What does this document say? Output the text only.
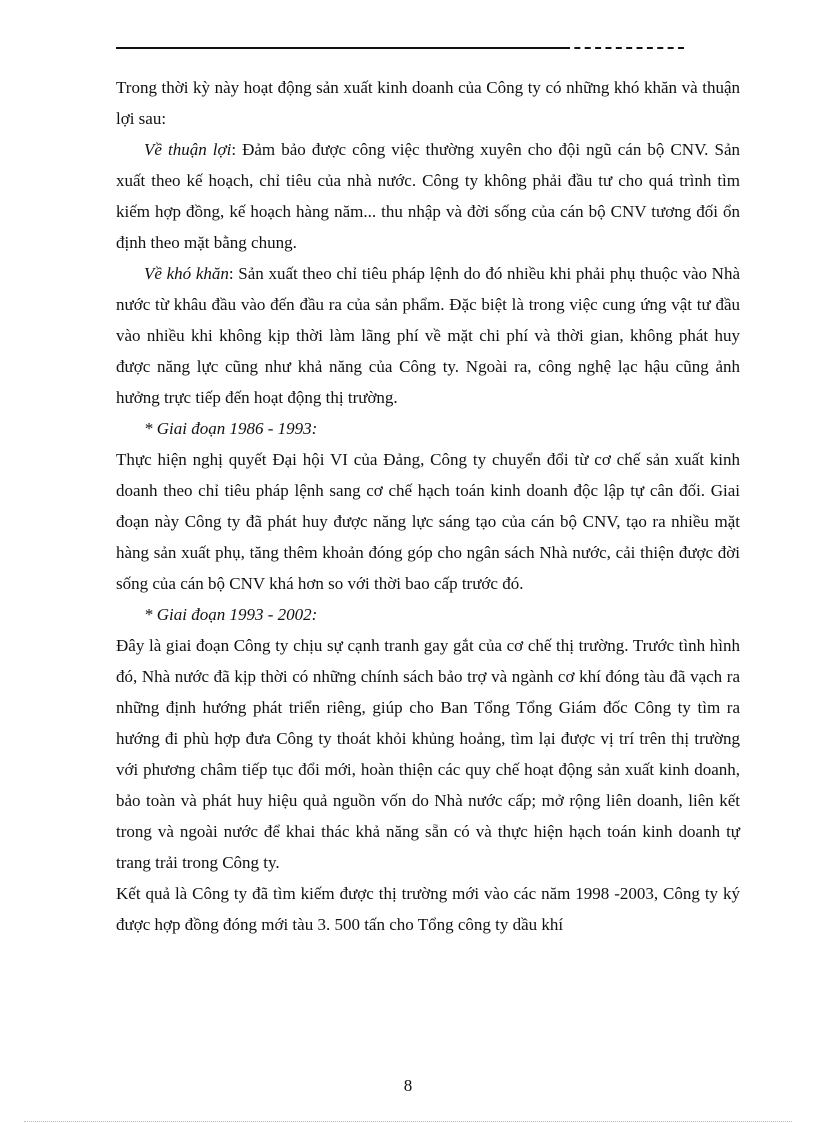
Trong thời kỳ này hoạt động sản xuất kinh doanh của Công ty có những khó khăn và thuận lợi sau:

Về thuận lợi: Đảm bảo được công việc thường xuyên cho đội ngũ cán bộ CNV. Sản xuất theo kế hoạch, chỉ tiêu của nhà nước. Công ty không phải đầu tư cho quá trình tìm kiếm hợp đồng, kế hoạch hàng năm... thu nhập và đời sống của cán bộ CNV tương đối ổn định theo mặt bằng chung.

Về khó khăn: Sản xuất theo chỉ tiêu pháp lệnh do đó nhiều khi phải phụ thuộc vào Nhà nước từ khâu đầu vào đến đầu ra của sản phẩm. Đặc biệt là trong việc cung ứng vật tư đầu vào nhiều khi không kịp thời làm lãng phí về mặt chi phí và thời gian, không phát huy được năng lực cũng như khả năng của Công ty. Ngoài ra, công nghệ lạc hậu cũng ảnh hưởng trực tiếp đến hoạt động thị trường.

* Giai đoạn 1986 - 1993:

Thực hiện nghị quyết Đại hội VI của Đảng, Công ty chuyển đổi từ cơ chế sản xuất kinh doanh theo chỉ tiêu pháp lệnh sang cơ chế hạch toán kinh doanh độc lập tự cân đối. Giai đoạn này Công ty đã phát huy được năng lực sáng tạo của cán bộ CNV, tạo ra nhiều mặt hàng sản xuất phụ, tăng thêm khoản đóng góp cho ngân sách Nhà nước, cải thiện được đời sống của cán bộ CNV khá hơn so với thời bao cấp trước đó.

* Giai đoạn 1993 - 2002:

Đây là giai đoạn Công ty chịu sự cạnh tranh gay gắt của cơ chế thị trường. Trước tình hình đó, Nhà nước đã kịp thời có những chính sách bảo trợ và ngành cơ khí đóng tàu đã vạch ra những định hướng phát triển riêng, giúp cho Ban Tổng Tổng Giám đốc Công ty tìm ra hướng đi phù hợp đưa Công ty thoát khỏi khủng hoảng, tìm lại được vị trí trên thị trường với phương châm tiếp tục đổi mới, hoàn thiện các quy chế hoạt động sản xuất kinh doanh, bảo toàn và phát huy hiệu quả nguồn vốn do Nhà nước cấp; mở rộng liên doanh, liên kết trong và ngoài nước để khai thác khả năng sẵn có và thực hiện hạch toán kinh doanh tự trang trải trong Công ty.

Kết quả là Công ty đã tìm kiếm được thị trường mới vào các năm 1998 -2003, Công ty ký được hợp đồng đóng mới tàu 3. 500 tấn cho Tổng công ty dầu khí

8
